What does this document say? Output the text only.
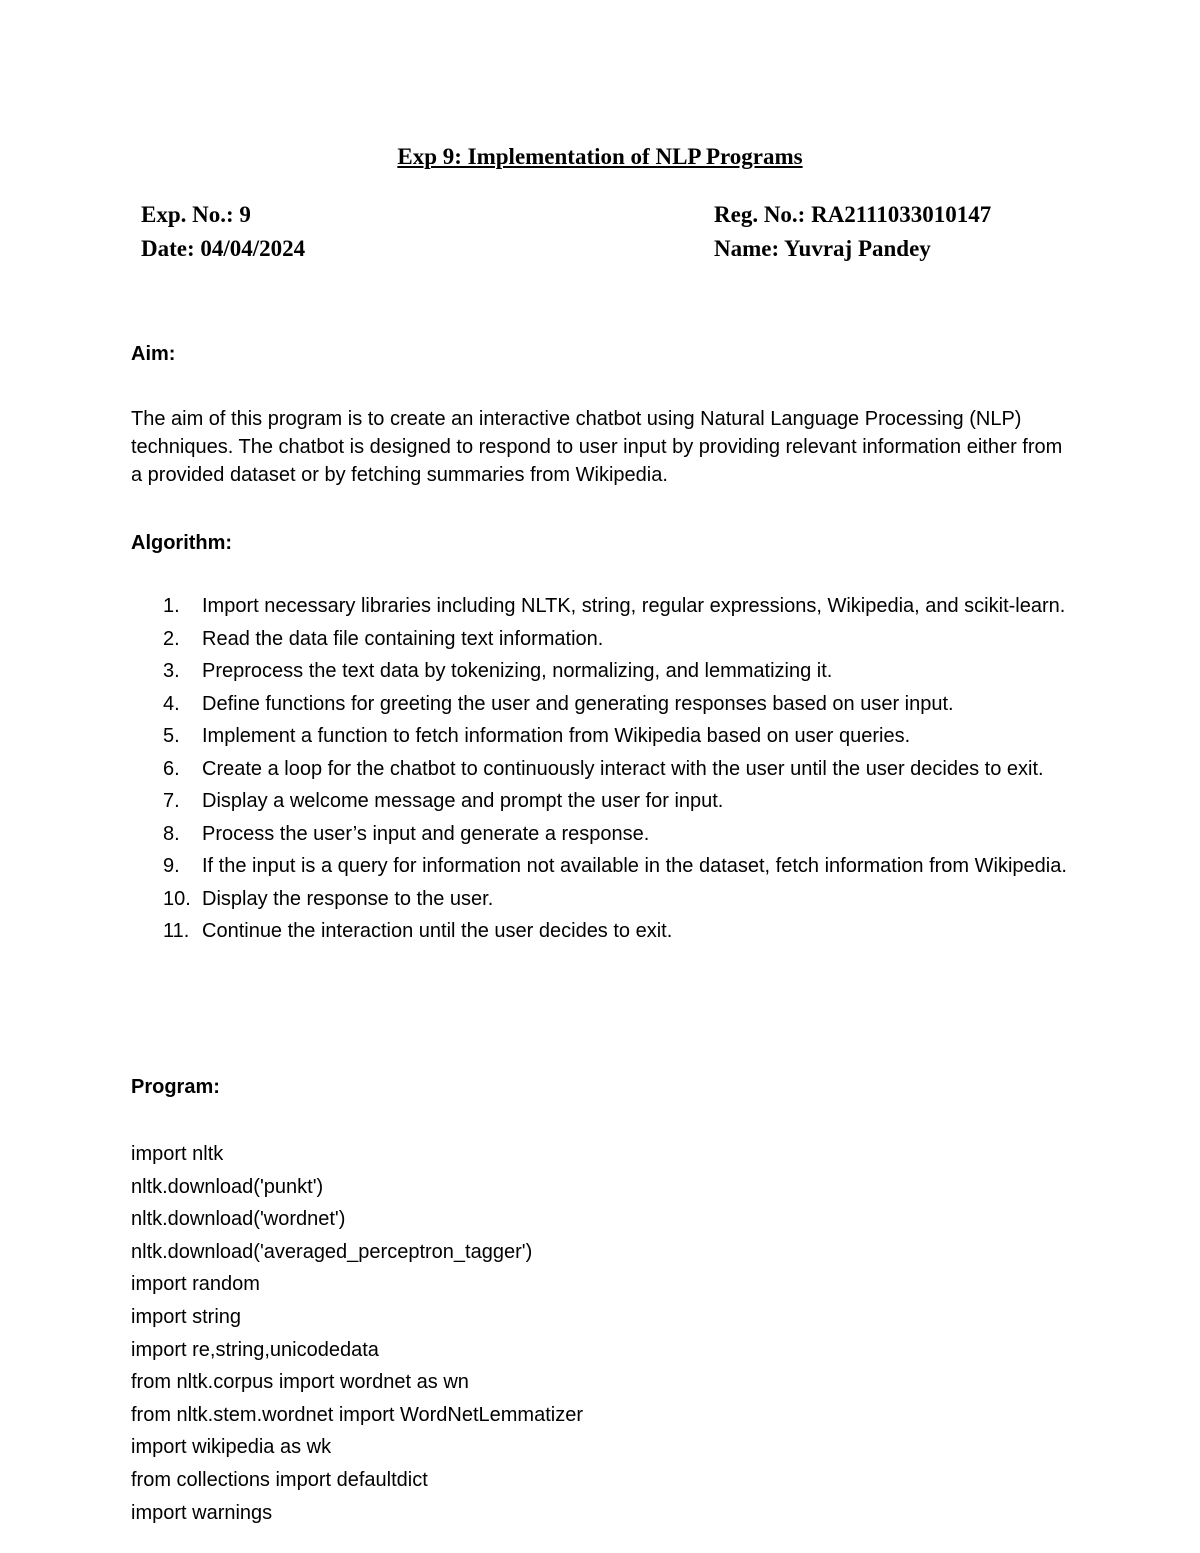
Exp 9: Implementation of NLP Programs
Exp. No.: 9
Date: 04/04/2024
Reg. No.: RA2111033010147
Name: Yuvraj Pandey
Aim:
The aim of this program is to create an interactive chatbot using Natural Language Processing (NLP) techniques. The chatbot is designed to respond to user input by providing relevant information either from a provided dataset or by fetching summaries from Wikipedia.
Algorithm:
1.	Import necessary libraries including NLTK, string, regular expressions, Wikipedia, and scikit-learn.
2.	Read the data file containing text information.
3.	Preprocess the text data by tokenizing, normalizing, and lemmatizing it.
4.	Define functions for greeting the user and generating responses based on user input.
5.	Implement a function to fetch information from Wikipedia based on user queries.
6.	Create a loop for the chatbot to continuously interact with the user until the user decides to exit.
7.	Display a welcome message and prompt the user for input.
8.	Process the user’s input and generate a response.
9.	If the input is a query for information not available in the dataset, fetch information from Wikipedia.
10. Display the response to the user.
11. Continue the interaction until the user decides to exit.
Program:
import nltk
nltk.download('punkt')
nltk.download('wordnet')
nltk.download('averaged_perceptron_tagger')
import random
import string
import re,string,unicodedata
from nltk.corpus import wordnet as wn
from nltk.stem.wordnet import WordNetLemmatizer
import wikipedia as wk
from collections import defaultdict
import warnings
